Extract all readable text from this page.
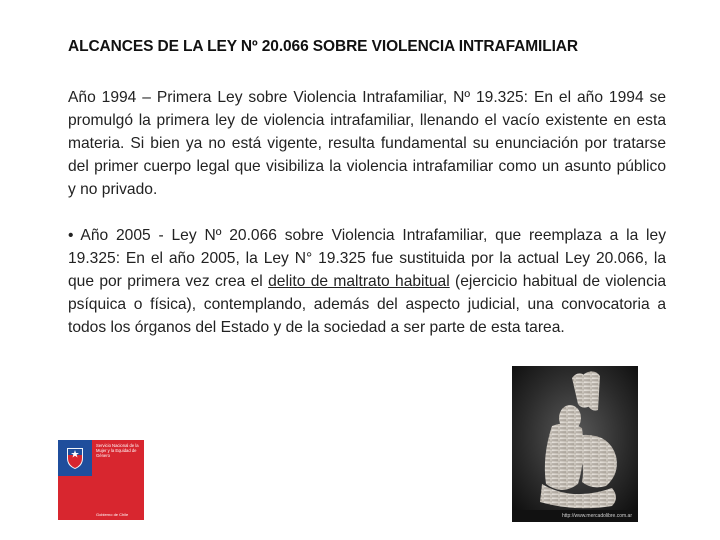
ALCANCES DE LA LEY Nº 20.066 SOBRE VIOLENCIA INTRAFAMILIAR
Año 1994 – Primera Ley sobre Violencia Intrafamiliar, Nº 19.325: En el año 1994 se promulgó la primera ley de violencia intrafamiliar, llenando el vacío existente en esta materia. Si bien ya no está vigente, resulta fundamental su enunciación por tratarse del primer cuerpo legal que visibiliza la violencia intrafamiliar como un asunto público y no privado.
• Año 2005 - Ley Nº 20.066 sobre Violencia Intrafamiliar, que reemplaza a la ley 19.325: En el año 2005, la Ley N° 19.325 fue sustituida por la actual Ley 20.066, la que por primera vez crea el delito de maltrato habitual (ejercicio habitual de violencia psíquica o física), contemplando, además del aspecto judicial, una convocatoria a todos los órganos del Estado y de la sociedad a ser parte de esta tarea.
Servicio Nacional de la Mujer y la Equidad de Género
Gobierno de Chile	http://www.mercadolibre.com.ar
